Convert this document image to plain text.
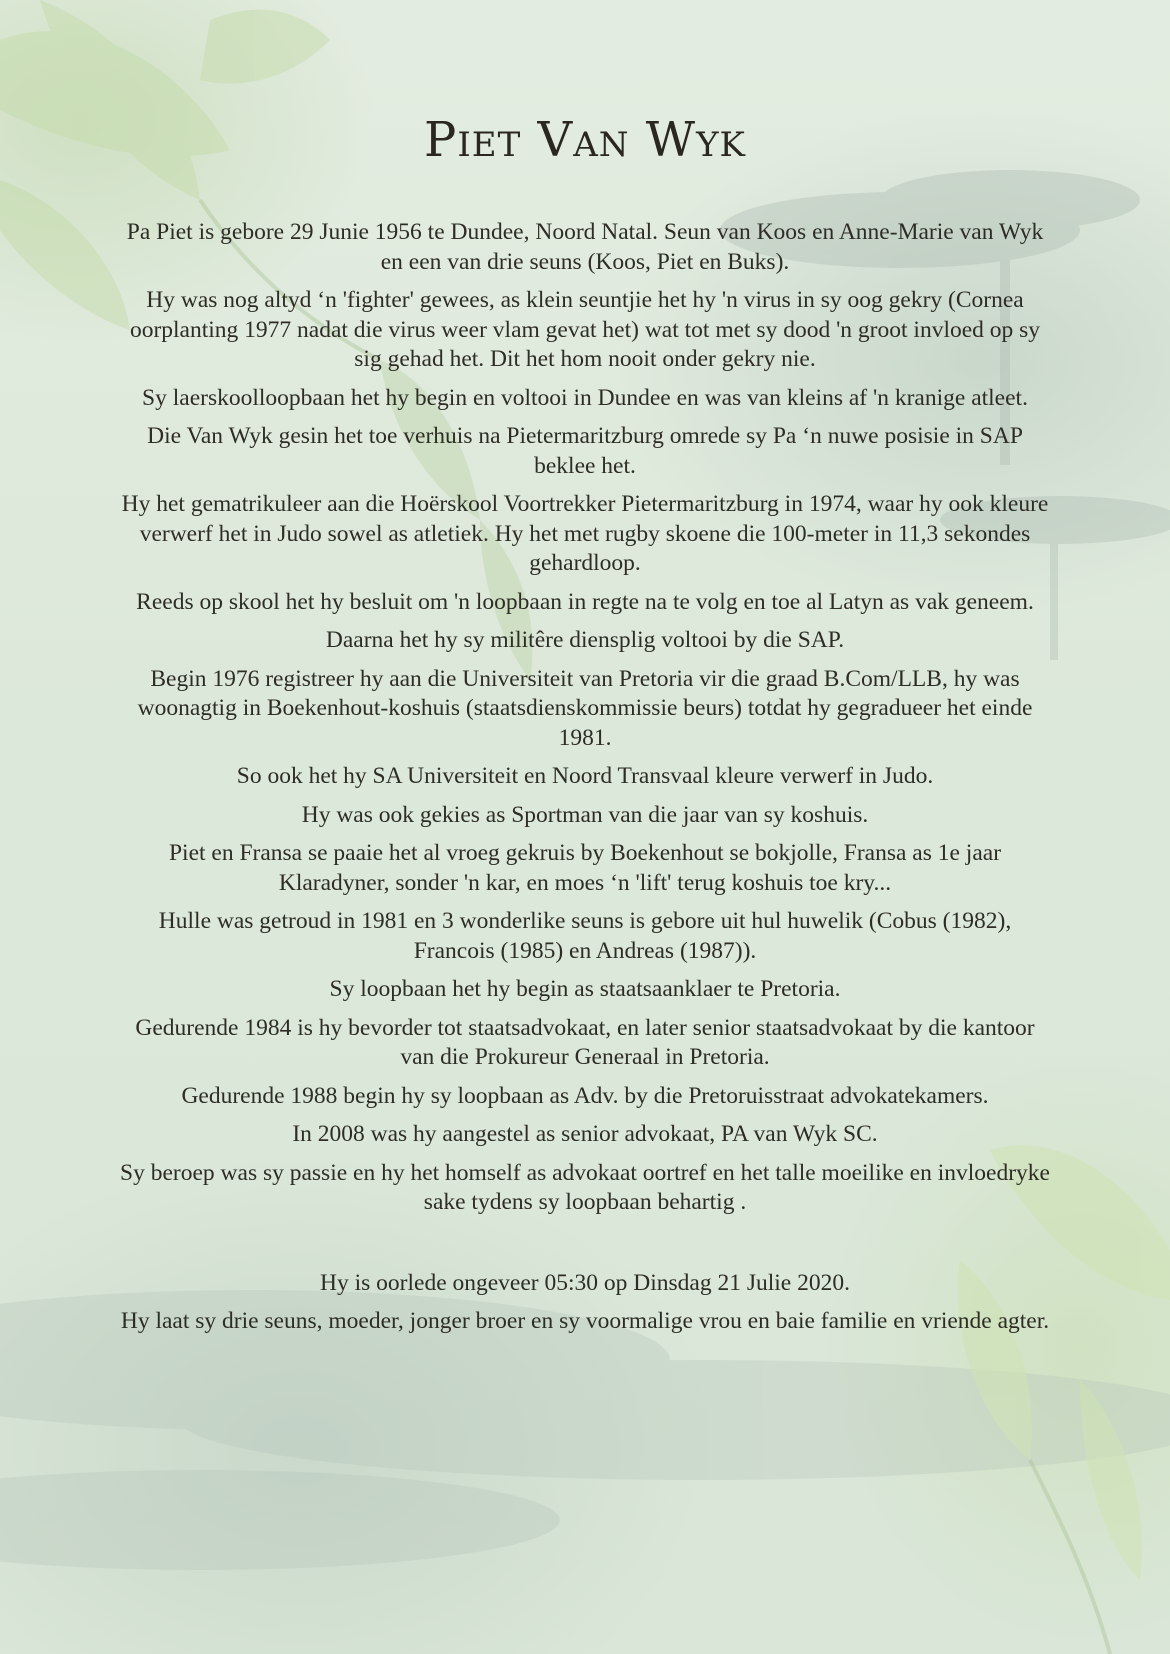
Piet Van Wyk

Pa Piet is gebore 29 Junie 1956 te Dundee, Noord Natal. Seun van Koos en Anne-Marie van Wyk en een van drie seuns (Koos, Piet en Buks).

Hy was nog altyd ‘n 'fighter' gewees, as klein seuntjie het hy 'n virus in sy oog gekry (Cornea oorplanting 1977 nadat die virus weer vlam gevat het) wat tot met sy dood 'n groot invloed op sy sig gehad het. Dit het hom nooit onder gekry nie.

Sy laerskoolloopbaan het hy begin en voltooi in Dundee en was van kleins af 'n kranige atleet.

Die Van Wyk gesin het toe verhuis na Pietermaritzburg omrede sy Pa ‘n nuwe posisie in SAP beklee het.

Hy het gematrikuleer aan die Hoërskool Voortrekker Pietermaritzburg in 1974, waar hy ook kleure verwerf het in Judo sowel as atletiek. Hy het met rugby skoene die 100-meter in 11,3 sekondes gehardloop.

Reeds op skool het hy besluit om 'n loopbaan in regte na te volg en toe al Latyn as vak geneem.

Daarna het hy sy militêre diensplig voltooi by die SAP.

Begin 1976 registreer hy aan die Universiteit van Pretoria vir die graad B.Com/LLB, hy was woonagtig in Boekenhout-koshuis (staatsdienskommissie beurs) totdat hy gegradueer het einde 1981.

So ook het hy SA Universiteit en Noord Transvaal kleure verwerf in Judo.

Hy was ook gekies as Sportman van die jaar van sy koshuis.

Piet en Fransa se paaie het al vroeg gekruis by Boekenhout se bokjolle, Fransa as 1e jaar Klaradyner, sonder 'n kar, en moes ‘n 'lift' terug koshuis toe kry...

Hulle was getroud in 1981 en 3 wonderlike seuns is gebore uit hul huwelik (Cobus (1982), Francois (1985) en Andreas (1987)).

Sy loopbaan het hy begin as staatsaanklaer te Pretoria.

Gedurende 1984 is hy bevorder tot staatsadvokaat, en later senior staatsadvokaat by die kantoor van die Prokureur Generaal in Pretoria.

Gedurende 1988 begin hy sy loopbaan as Adv. by die Pretoruisstraat advokatekamers.

In 2008 was hy aangestel as senior advokaat, PA van Wyk SC.

Sy beroep was sy passie en hy het homself as advokaat oortref en het talle moeilike en invloedryke sake tydens sy loopbaan behartig .

Hy is oorlede ongeveer 05:30 op Dinsdag 21 Julie 2020.

Hy laat sy drie seuns, moeder, jonger broer en sy voormalige vrou en baie familie en vriende agter.
